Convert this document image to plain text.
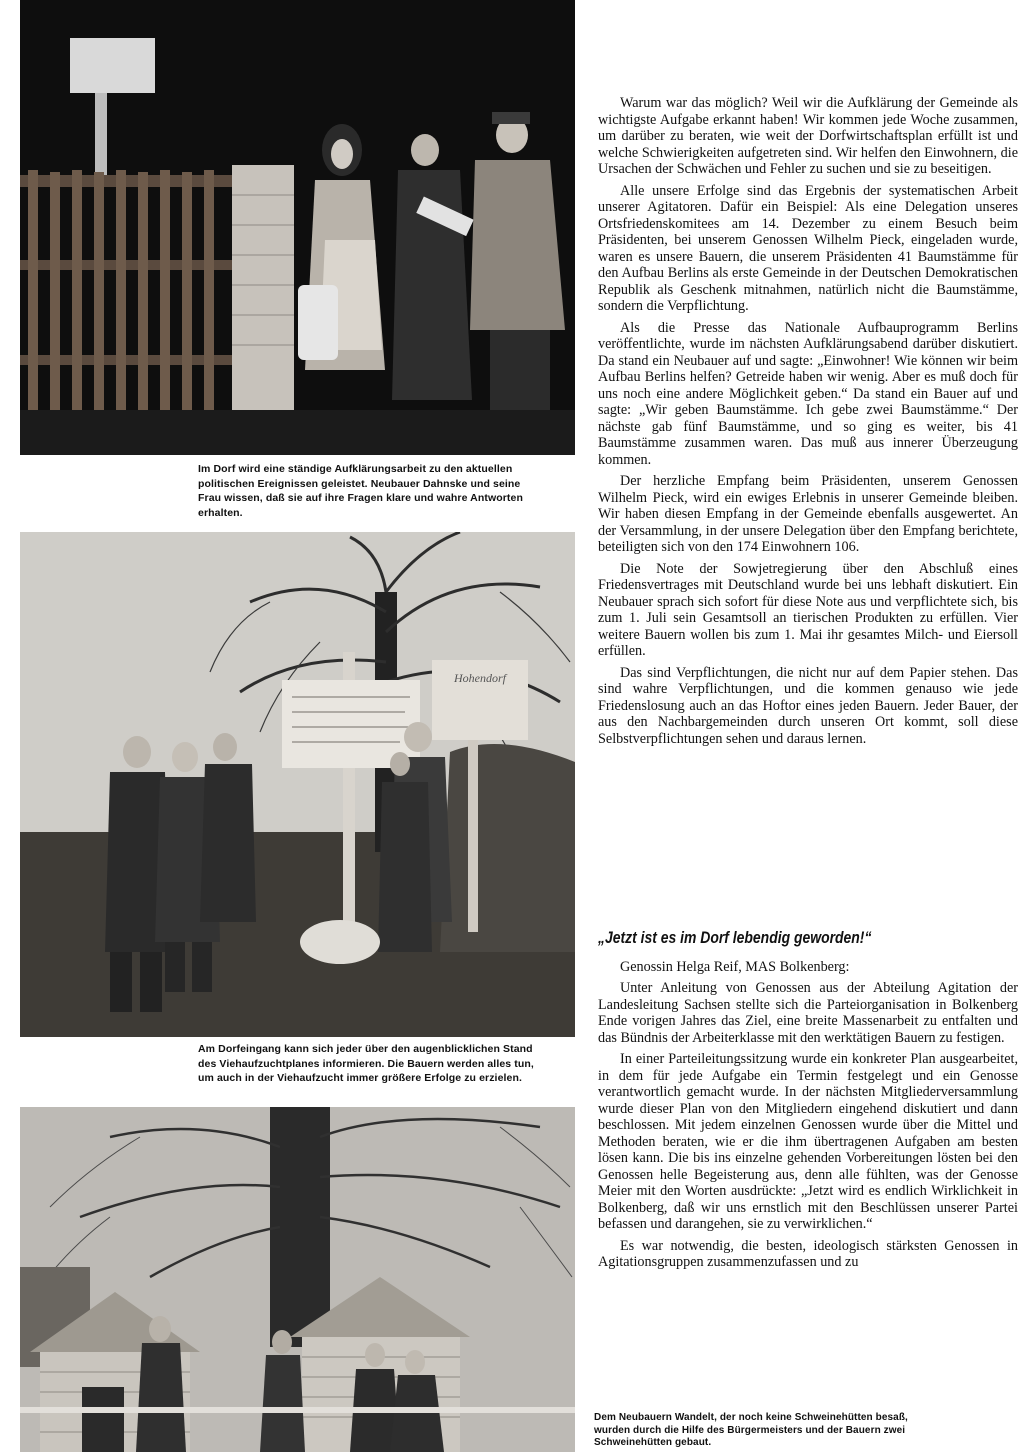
Im Dorf wird eine ständige Aufklärungsarbeit zu den aktuellen politischen Ereignissen geleistet. Neubauer Dahnske und seine Frau wissen, daß sie auf ihre Fragen klare und wahre Antworten erhalten.
Hohendorf
Am Dorfeingang kann sich jeder über den augenblicklichen Stand des Viehaufzuchtplanes informieren. Die Bauern werden alles tun, um auch in der Viehaufzucht immer größere Erfolge zu erzielen.
Dem Neubauern Wandelt, der noch keine Schweinehütten besaß, wurden durch die Hilfe des Bürgermeisters und der Bauern zwei Schweinehütten gebaut.

Warum war das möglich? Weil wir die Aufklärung der Gemeinde als wichtigste Aufgabe erkannt haben! Wir kommen jede Woche zusammen, um darüber zu beraten, wie weit der Dorfwirtschaftsplan erfüllt ist und welche Schwierigkeiten aufgetreten sind. Wir helfen den Einwohnern, die Ursachen der Schwächen und Fehler zu suchen und sie zu beseitigen.

Alle unsere Erfolge sind das Ergebnis der systematischen Arbeit unserer Agitatoren. Dafür ein Beispiel: Als eine Delegation unseres Ortsfriedenskomitees am 14. Dezember zu einem Besuch beim Präsidenten, bei unserem Genossen Wilhelm Pieck, eingeladen wurde, waren es unsere Bauern, die unserem Präsidenten 41 Baumstämme für den Aufbau Berlins als erste Gemeinde in der Deutschen Demokratischen Republik als Geschenk mitnahmen, natürlich nicht die Baumstämme, sondern die Verpflichtung.

Als die Presse das Nationale Aufbauprogramm Berlins veröffentlichte, wurde im nächsten Aufklärungsabend darüber diskutiert. Da stand ein Neubauer auf und sagte: „Einwohner! Wie können wir beim Aufbau Berlins helfen? Getreide haben wir wenig. Aber es muß doch für uns noch eine andere Möglichkeit geben.“ Da stand ein Bauer auf und sagte: „Wir geben Baumstämme. Ich gebe zwei Baumstämme.“ Der nächste gab fünf Baumstämme, und so ging es weiter, bis 41 Baumstämme zusammen waren. Das muß aus innerer Überzeugung kommen.

Der herzliche Empfang beim Präsidenten, unserem Genossen Wilhelm Pieck, wird ein ewiges Erlebnis in unserer Gemeinde bleiben. Wir haben diesen Empfang in der Gemeinde ebenfalls ausgewertet. An der Versammlung, in der unsere Delegation über den Empfang berichtete, beteiligten sich von den 174 Einwohnern 106.

Die Note der Sowjetregierung über den Abschluß eines Friedensvertrages mit Deutschland wurde bei uns lebhaft diskutiert. Ein Neubauer sprach sich sofort für diese Note aus und verpflichtete sich, bis zum 1. Juli sein Gesamtsoll an tierischen Produkten zu erfüllen. Vier weitere Bauern wollen bis zum 1. Mai ihr gesamtes Milch- und Eiersoll erfüllen.

Das sind Verpflichtungen, die nicht nur auf dem Papier stehen. Das sind wahre Verpflichtungen, und die kommen genauso wie jede Friedenslosung auch an das Hoftor eines jeden Bauern. Jeder Bauer, der aus den Nachbargemeinden durch unseren Ort kommt, soll diese Selbstverpflichtungen sehen und daraus lernen.

„Jetzt ist es im Dorf lebendig geworden!“

Genossin Helga Reif, MAS Bolkenberg:

Unter Anleitung von Genossen aus der Abteilung Agitation der Landesleitung Sachsen stellte sich die Parteiorganisation in Bolkenberg Ende vorigen Jahres das Ziel, eine breite Massenarbeit zu entfalten und das Bündnis der Arbeiterklasse mit den werktätigen Bauern zu festigen.

In einer Parteileitungssitzung wurde ein konkreter Plan ausgearbeitet, in dem für jede Aufgabe ein Termin festgelegt und ein Genosse verantwortlich gemacht wurde. In der nächsten Mitgliederversammlung wurde dieser Plan von den Mitgliedern eingehend diskutiert und dann beschlossen. Mit jedem einzelnen Genossen wurde über die Mittel und Methoden beraten, wie er die ihm übertragenen Aufgaben am besten lösen kann. Die bis ins einzelne gehenden Vorbereitungen lösten bei den Genossen helle Begeisterung aus, denn alle fühlten, was der Genosse Meier mit den Worten ausdrückte: „Jetzt wird es endlich Wirklichkeit in Bolkenberg, daß wir uns ernstlich mit den Beschlüssen unserer Partei befassen und darangehen, sie zu verwirklichen.“

Es war notwendig, die besten, ideologisch stärksten Genossen in Agitationsgruppen zusammenzufassen und zu
